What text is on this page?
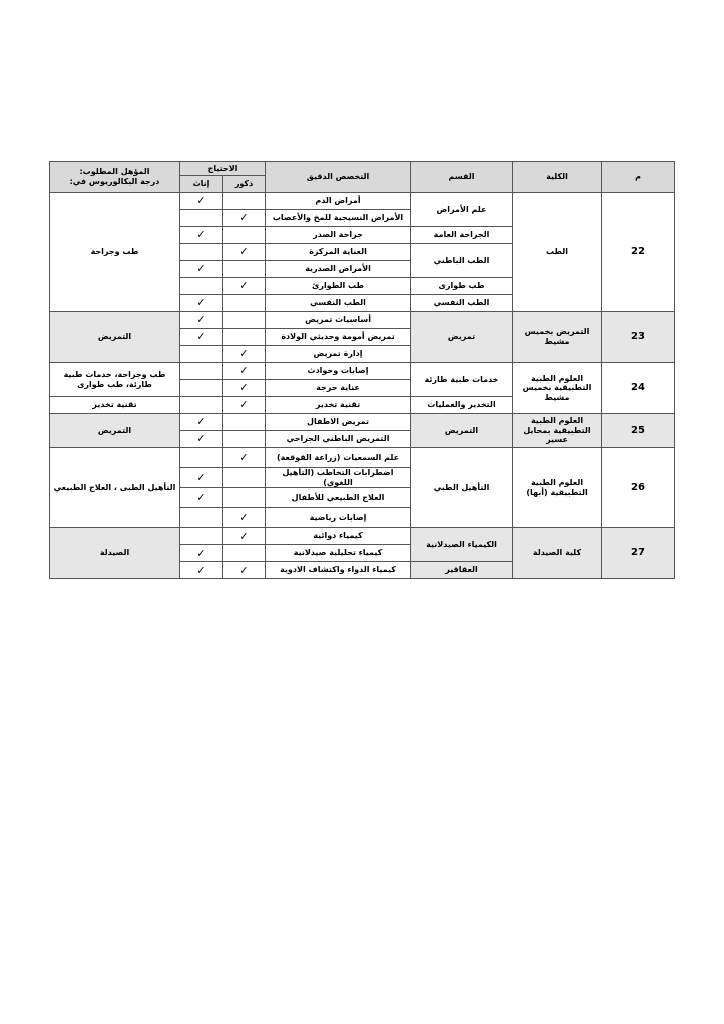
م	الكلية	القسم	التخصص الدقيق	الاحتياج		المؤهل المطلوب:
درجة البكالوريوس في:

				ذكور	إناث	
22	الطب	علم الأمراض	أمراض الدم		✓	طب وجراحة
			الأمراض النسيجية للمخ والأعصاب	✓		
		الجراحة العامة	جراحة الصدر		✓	
		الطب الباطني	العناية المركزة	✓		
			الأمراض الصدرية		✓	
		طب طوارى	طب الطوارئ	✓		
		الطب النفسي	الطب النفسي		✓	
23	التمريض بخميس مشيط	تمريض	أساسيات تمريض		✓	التمريض
			تمريض أمومة وحديثي الولادة		✓	
			إدارة تمريض	✓		
24	العلوم الطبية التطبيقية بخميس مشيط	خدمات طبية طارئة	إصابات وحوادث	✓		طب وجراحة، خدمات طبية طارئة، طب طوارى
			عناية حرجة	✓		
		التخدير والعمليات	تقنية تخدير	✓		تقنية تخدير
25	العلوم الطبية التطبيقية بمحايل عسير	التمريض	تمريض الاطفال		✓	التمريض
			التمريض الباطني الجراحي		✓	
26	العلوم الطبية التطبيقية (أبها)	التأهيل الطبي	علم السمعيات (زراعة القوقعة)	✓		التأهيل الطبى ، العلاج الطبيعي
			اضطرابات التخاطب (التأهيل اللغوي)		✓	
			العلاج الطبيعي للأطفال		✓	
			إصابات رياضية	✓		
27	كلية الصيدلة	الكيمياء الصيدلانية	كيمياء دوائية	✓		الصيدلة
			كيمياء تحليلية صيدلانية		✓	
		العقاقير	كيمياء الدواء واكتشاف الادوية	✓	✓	
